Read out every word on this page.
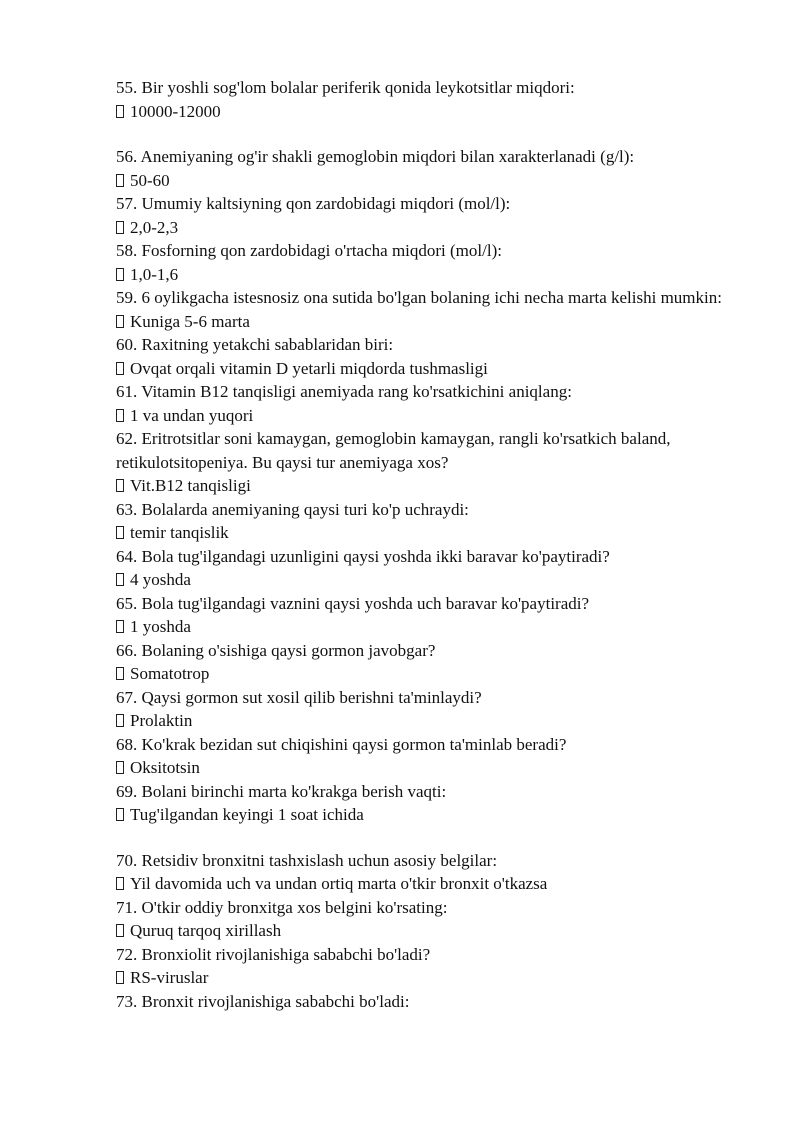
55. Bir yoshli sog'lom bolalar periferik qonida leykotsitlar miqdori:
10000-12000
56. Anemiyaning og'ir shakli gemoglobin miqdori bilan xarakterlanadi (g/l):
50-60
57. Umumiy kaltsiyning qon zardobidagi miqdori (mol/l):
2,0-2,3
58. Fosforning qon zardobidagi o'rtacha miqdori (mol/l):
1,0-1,6
59. 6 oylikgacha istesnosiz ona sutida bo'lgan bolaning ichi necha marta kelishi mumkin:
Kuniga 5-6 marta
60. Raxitning yetakchi sabablaridan biri:
Ovqat orqali vitamin D yetarli miqdorda tushmasligi
61. Vitamin B12 tanqisligi anemiyada rang ko'rsatkichini aniqlang:
1 va undan yuqori
62. Eritrotsitlar soni kamaygan, gemoglobin kamaygan, rangli ko'rsatkich baland, retikulotsitopeniya. Bu qaysi tur anemiyaga xos?
Vit.B12 tanqisligi
63. Bolalarda anemiyaning qaysi turi ko'p uchraydi:
temir tanqislik
64. Bola tug'ilgandagi uzunligini qaysi yoshda ikki baravar ko'paytiradi?
4 yoshda
65. Bola tug'ilgandagi vaznini qaysi yoshda uch baravar ko'paytiradi?
1 yoshda
66. Bolaning o'sishiga qaysi gormon javobgar?
Somatotrop
67. Qaysi gormon sut xosil qilib berishni ta'minlaydi?
Prolaktin
68. Ko'krak bezidan sut chiqishini qaysi gormon ta'minlab beradi?
Oksitotsin
69. Bolani birinchi marta ko'krakga berish vaqti:
Tug'ilgandan keyingi 1 soat ichida
70. Retsidiv bronxitni tashxislash uchun asosiy belgilar:
Yil davomida uch va undan ortiq marta o'tkir bronxit o'tkazsa
71. O'tkir oddiy bronxitga xos belgini ko'rsating:
Quruq tarqoq xirillash
72. Bronxiolit rivojlanishiga sababchi bo'ladi?
RS-viruslar
73. Bronxit rivojlanishiga sababchi bo'ladi:
